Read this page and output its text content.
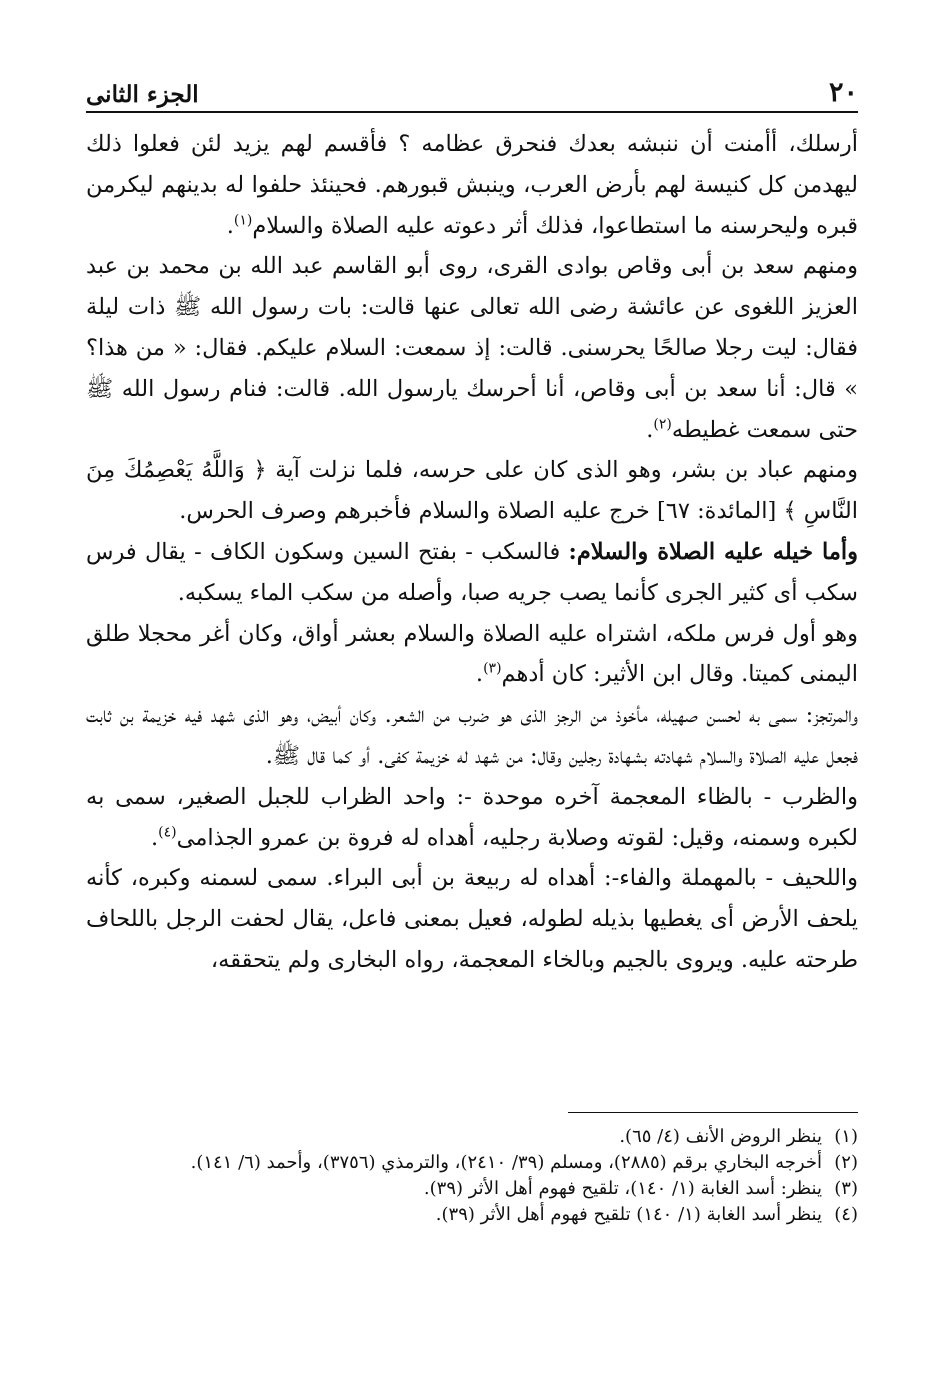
٢٠
الجزء الثانى

أرسلك، أأمنت أن ننبشه بعدك فنحرق عظامه ؟ فأقسم لهم يزيد لئن فعلوا ذلك ليهدمن كل كنيسة لهم بأرض العرب، وينبش قبورهم. فحينئذ حلفوا له بدينهم ليكرمن قبره وليحرسنه ما استطاعوا، فذلك أثر دعوته عليه الصلاة والسلام$^{(١)}$.

ومنهم سعد بن أبى وقاص بوادى القرى، روى أبو القاسم عبد الله بن محمد بن عبد العزيز اللغوى عن عائشة رضى الله تعالى عنها قالت: بات رسول الله ﷺ ذات ليلة فقال: ليت رجلا صالحًا يحرسنى. قالت: إذ سمعت: السلام عليكم. فقال: « من هذا؟ » قال: أنا سعد بن أبى وقاص، أنا أحرسك يارسول الله. قالت: فنام رسول الله ﷺ حتى سمعت غطيطه$^{(٢)}$.

ومنهم عباد بن بشر، وهو الذى كان على حرسه، فلما نزلت آية ﴿ وَاللَّهُ يَعْصِمُكَ مِنَ النَّاسِ ﴾ [المائدة: ٦٧] خرج عليه الصلاة والسلام فأخبرهم وصرف الحرس.

وأما خيله عليه الصلاة والسلام: فالسكب - بفتح السين وسكون الكاف - يقال فرس سكب أى كثير الجرى كأنما يصب جريه صبا، وأصله من سكب الماء يسكبه.

وهو أول فرس ملكه، اشتراه عليه الصلاة والسلام بعشر أواق، وكان أغر محجلا طلق اليمنى كميتا. وقال ابن الأثير: كان أدهم$^{(٣)}$.

والمرتجز: سمى به لحسن صهيله، مأخوذ من الرجز الذى هو ضرب من الشعر. وكان أبيض، وهو الذى شهد فيه خزيمة بن ثابت فجعل عليه الصلاة والسلام شهادته بشهادة رجلين وقال: من شهد له خزيمة كفى. أو كما قال ﷺ.

والظرب - بالظاء المعجمة آخره موحدة -: واحد الظراب للجبل الصغير، سمى به لكبره وسمنه، وقيل: لقوته وصلابة رجليه، أهداه له فروة بن عمرو الجذامى$^{(٤)}$.

واللحيف - بالمهملة والفاء-: أهداه له ربيعة بن أبى البراء. سمى لسمنه وكبره، كأنه يلحف الأرض أى يغطيها بذيله لطوله، فعيل بمعنى فاعل، يقال لحفت الرجل باللحاف طرحته عليه. ويروى بالجيم وبالخاء المعجمة، رواه البخارى ولم يتحققه،

(١)
ينظر الروض الأنف (٤/ ٦٥).

(٢)
أخرجه البخاري برقم (٢٨٨٥)، ومسلم (٣٩/ ٢٤١٠)، والترمذي (٣٧٥٦)، وأحمد (٦/ ١٤١).

(٣)
ينظر: أسد الغابة (١/ ١٤٠)، تلقيح فهوم أهل الأثر (٣٩).

(٤)
ينظر أسد الغابة (١/ ١٤٠) تلقيح فهوم أهل الأثر (٣٩).
